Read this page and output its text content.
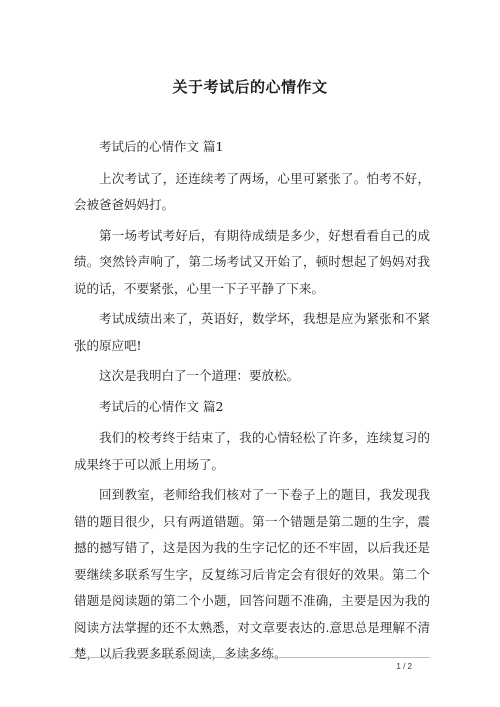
关于考试后的心情作文

考试后的心情作文 篇1

上次考试了，还连续考了两场，心里可紧张了。怕考不好，会被爸爸妈妈打。

第一场考试考好后，有期待成绩是多少，好想看看自己的成绩。突然铃声响了，第二场考试又开始了，顿时想起了妈妈对我说的话，不要紧张，心里一下子平静了下来。

考试成绩出来了，英语好，数学坏，我想是应为紧张和不紧张的原应吧!

这次是我明白了一个道理：要放松。

考试后的心情作文 篇2

我们的校考终于结束了，我的心情轻松了许多，连续复习的成果终于可以派上用场了。

回到教室，老师给我们核对了一下卷子上的题目，我发现我错的题目很少，只有两道错题。第一个错题是第二题的生字，震撼的撼写错了，这是因为我的生字记忆的还不牢固，以后我还是要继续多联系写生字，反复练习后肯定会有很好的效果。第二个错题是阅读题的第二个小题，回答问题不准确，主要是因为我的阅读方法掌握的还不太熟悉，对文章要表达的.意思总是理解不清楚，以后我要多联系阅读，多读多练。

1 / 2
